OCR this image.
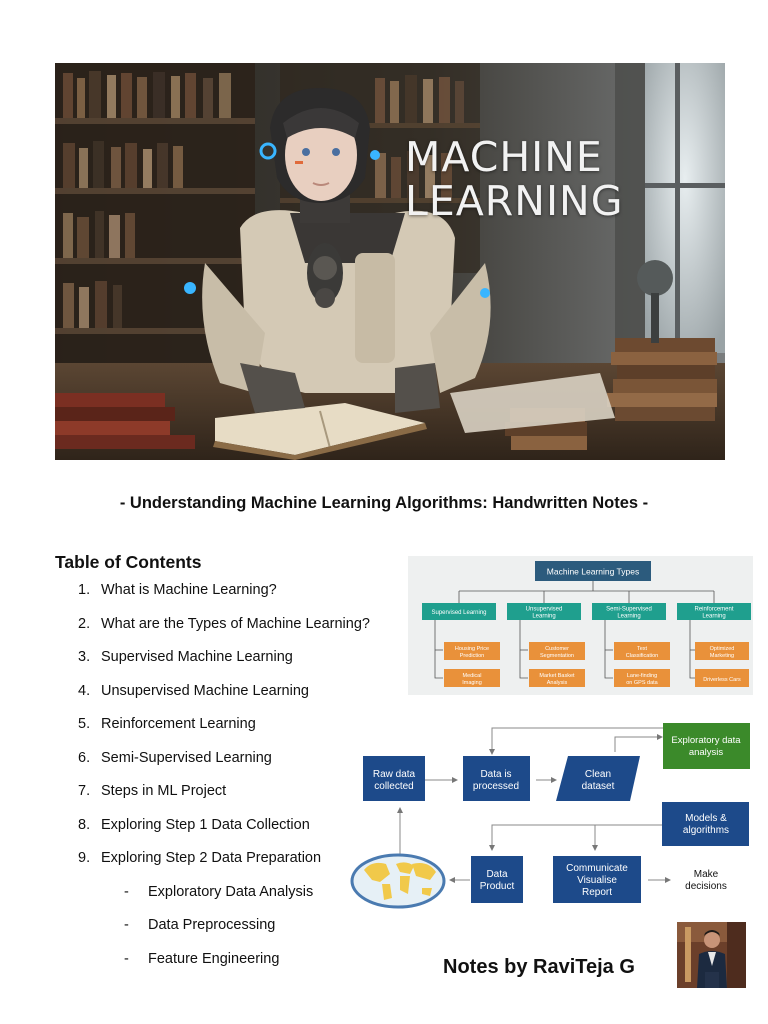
MACHINE
LEARNING
- Understanding Machine Learning Algorithms: Handwritten Notes -
Table of Contents
1. What is Machine Learning?
2. What are the Types of Machine Learning?
3. Supervised Machine Learning
4. Unsupervised Machine Learning
5. Reinforcement Learning
6. Semi-Supervised Learning
7. Steps in ML Project
8. Exploring Step 1 Data Collection
9. Exploring Step 2 Data Preparation
- Exploratory Data Analysis
- Data Preprocessing
- Feature Engineering
Machine Learning Types
Supervised Learning
Housing Price
Prediction
Medical
Imaging
Unsupervised
Learning
Customer
Segmentation
Market Basket
Analysis
Semi-Supervised
Learning
Text
Classification
Lane-finding
on GPS data
Reinforcement
Learning
Optimized
Marketing
Driverless Cars
Raw data
collected
Data is
processed
Clean
dataset
Exploratory data
analysis
Models &
algorithms
Data
Product
Communicate
Visualise
Report
Make
decisions
Notes by RaviTeja G
